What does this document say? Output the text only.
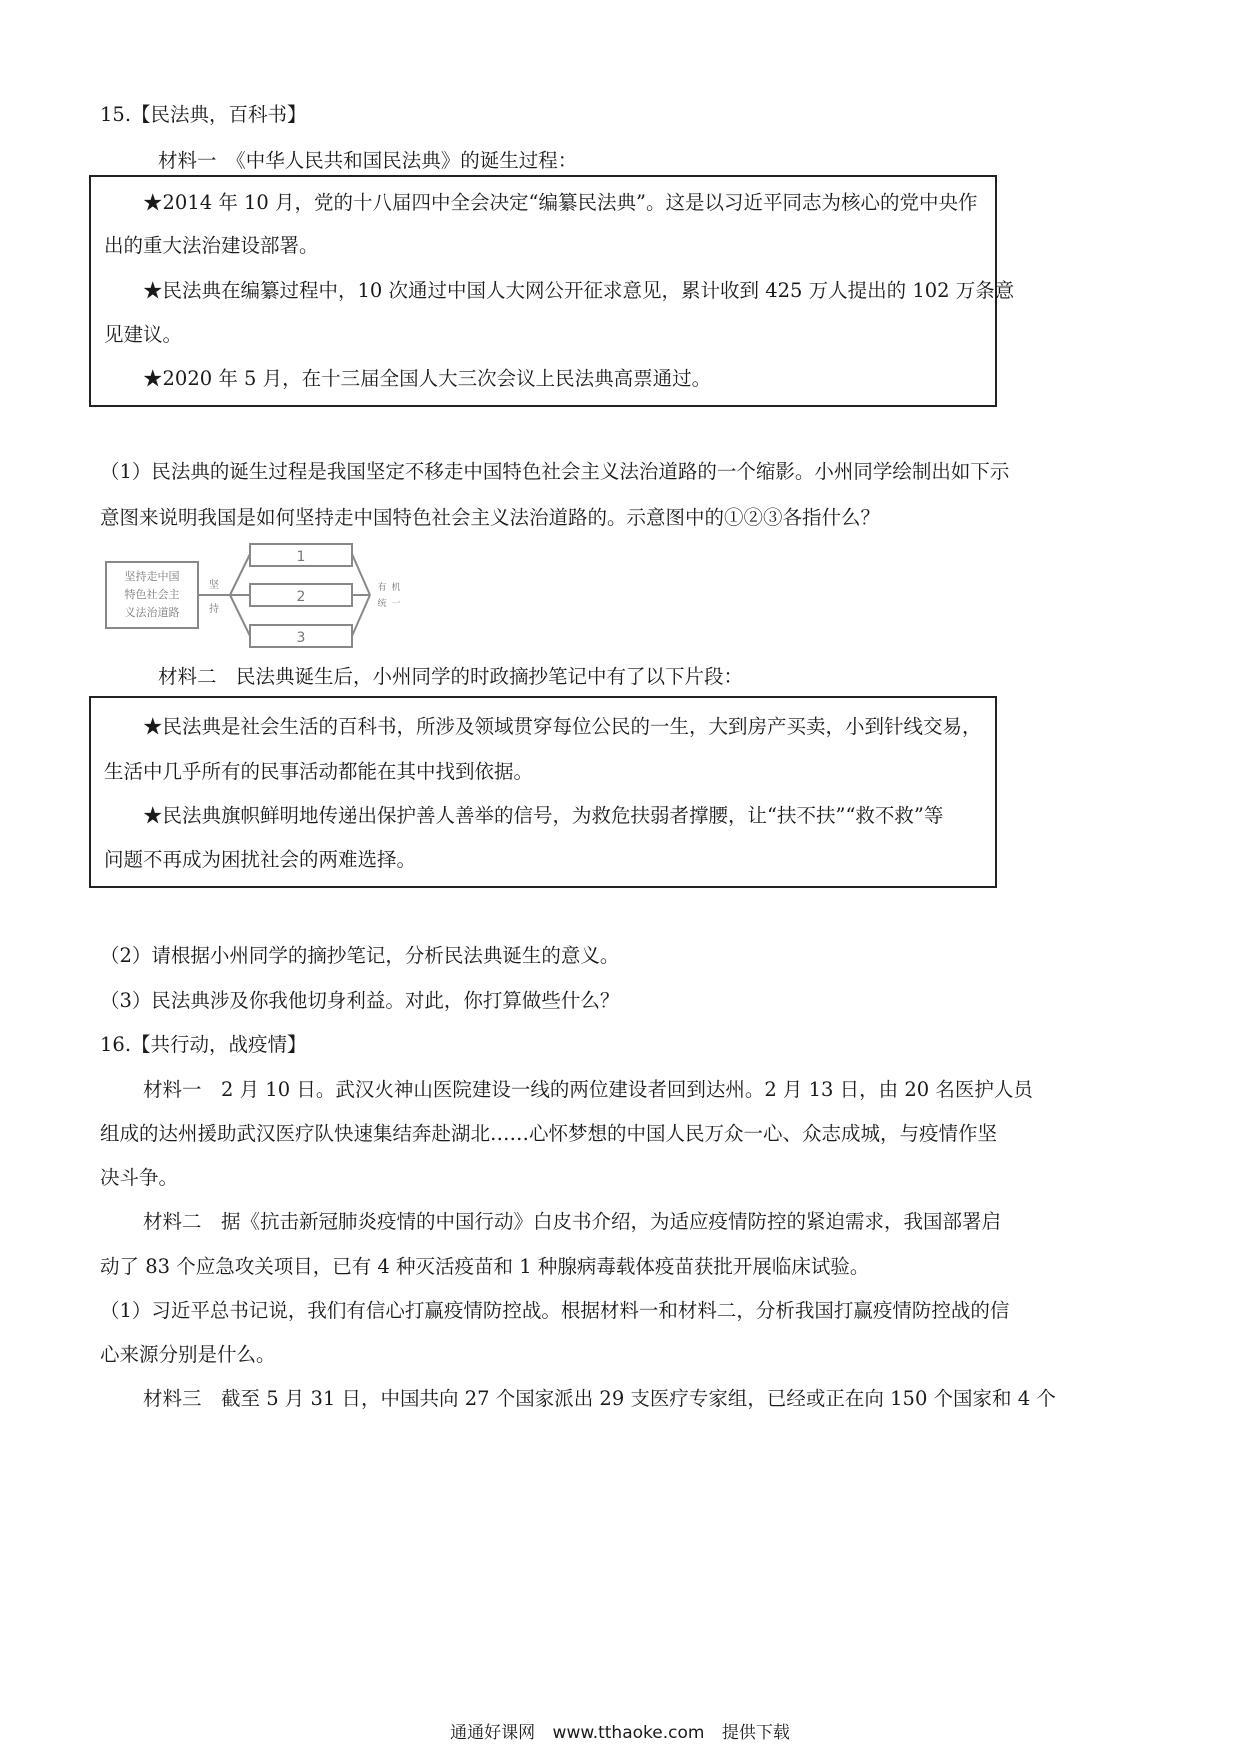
15.【民法典，百科书】
材料一　《中华人民共和国民法典》的诞生过程：
★2014 年 10 月，党的十八届四中全会决定“编纂民法典”。这是以习近平同志为核心的党中央作
出的重大法治建设部署。
★民法典在编纂过程中，10 次通过中国人大网公开征求意见，累计收到 425 万人提出的 102 万条意
见建议。
★2020 年 5 月，在十三届全国人大三次会议上民法典高票通过。
（1）民法典的诞生过程是我国坚定不移走中国特色社会主义法治道路的一个缩影。小州同学绘制出如下示
意图来说明我国是如何坚持走中国特色社会主义法治道路的。示意图中的①②③各指什么？
坚持走中国
特色社会主
义法治道路
坚
持
1
2
3
有 机
统 一
材料二　民法典诞生后，小州同学的时政摘抄笔记中有了以下片段：
★民法典是社会生活的百科书，所涉及领域贯穿每位公民的一生，大到房产买卖，小到针线交易，
生活中几乎所有的民事活动都能在其中找到依据。
★民法典旗帜鲜明地传递出保护善人善举的信号，为救危扶弱者撑腰，让“扶不扶”“救不救”等
问题不再成为困扰社会的两难选择。
（2）请根据小州同学的摘抄笔记，分析民法典诞生的意义。
（3）民法典涉及你我他切身利益。对此，你打算做些什么？
16.【共行动，战疫情】
材料一　2 月 10 日。武汉火神山医院建设一线的两位建设者回到达州。2 月 13 日，由 20 名医护人员
组成的达州援助武汉医疗队快速集结奔赴湖北……心怀梦想的中国人民万众一心、众志成城，与疫情作坚
决斗争。
材料二　据《抗击新冠肺炎疫情的中国行动》白皮书介绍，为适应疫情防控的紧迫需求，我国部署启
动了 83 个应急攻关项目，已有 4 种灭活疫苗和 1 种腺病毒载体疫苗获批开展临床试验。
（1）习近平总书记说，我们有信心打赢疫情防控战。根据材料一和材料二，分析我国打赢疫情防控战的信
心来源分别是什么。
材料三　截至 5 月 31 日，中国共向 27 个国家派出 29 支医疗专家组，已经或正在向 150 个国家和 4 个
通通好课网 www.tthaoke.com 提供下载
